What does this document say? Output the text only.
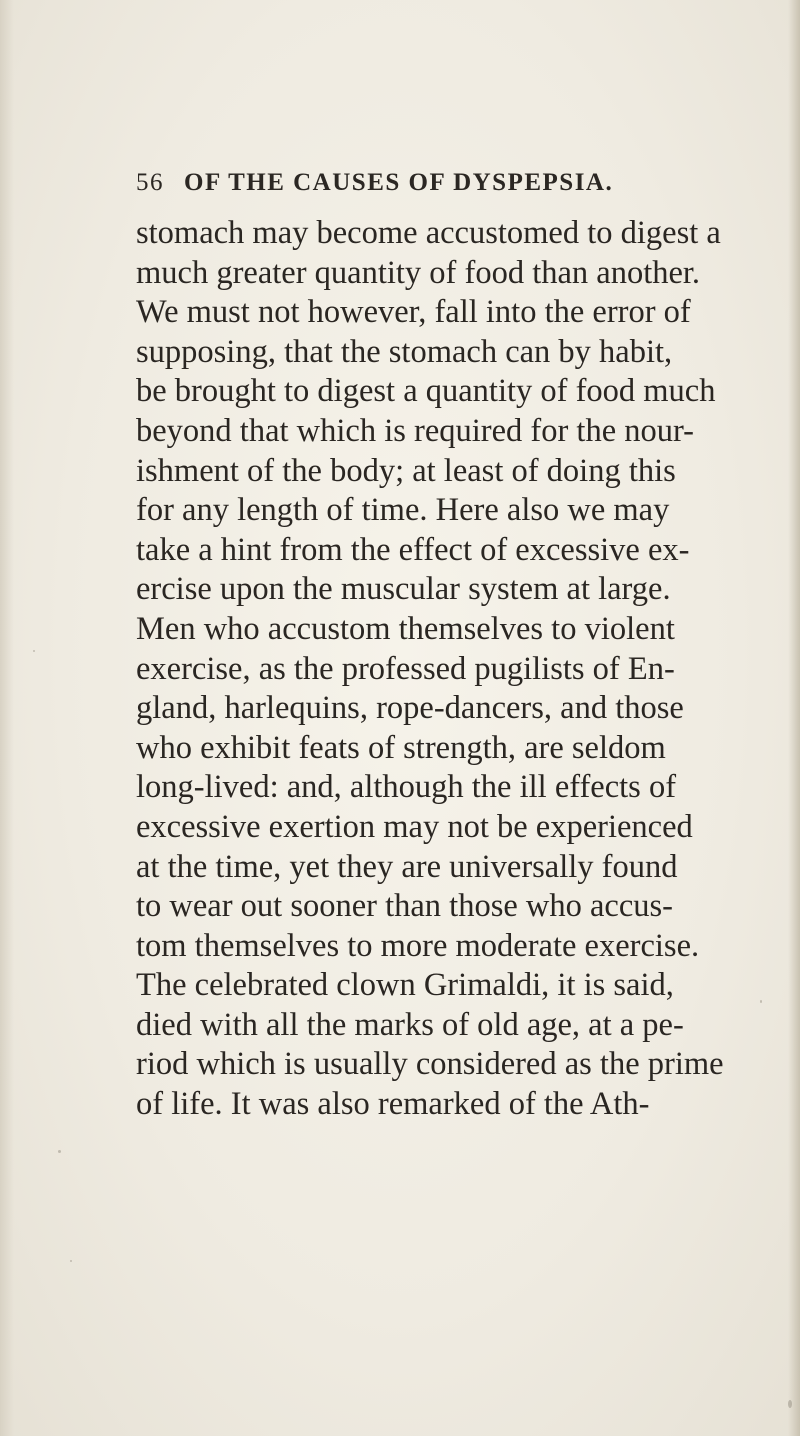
56 OF THE CAUSES OF DYSPEPSIA.
stomach may become accustomed to digest a
much greater quantity of food than another.
We must not however, fall into the error of
supposing, that the stomach can by habit,
be brought to digest a quantity of food much
beyond that which is required for the nour-
ishment of the body; at least of doing this
for any length of time. Here also we may
take a hint from the effect of excessive ex-
ercise upon the muscular system at large.
Men who accustom themselves to violent
exercise, as the professed pugilists of En-
gland, harlequins, rope-dancers, and those
who exhibit feats of strength, are seldom
long-lived: and, although the ill effects of
excessive exertion may not be experienced
at the time, yet they are universally found
to wear out sooner than those who accus-
tom themselves to more moderate exercise.
The celebrated clown Grimaldi, it is said,
died with all the marks of old age, at a pe-
riod which is usually considered as the prime
of life. It was also remarked of the Ath-
